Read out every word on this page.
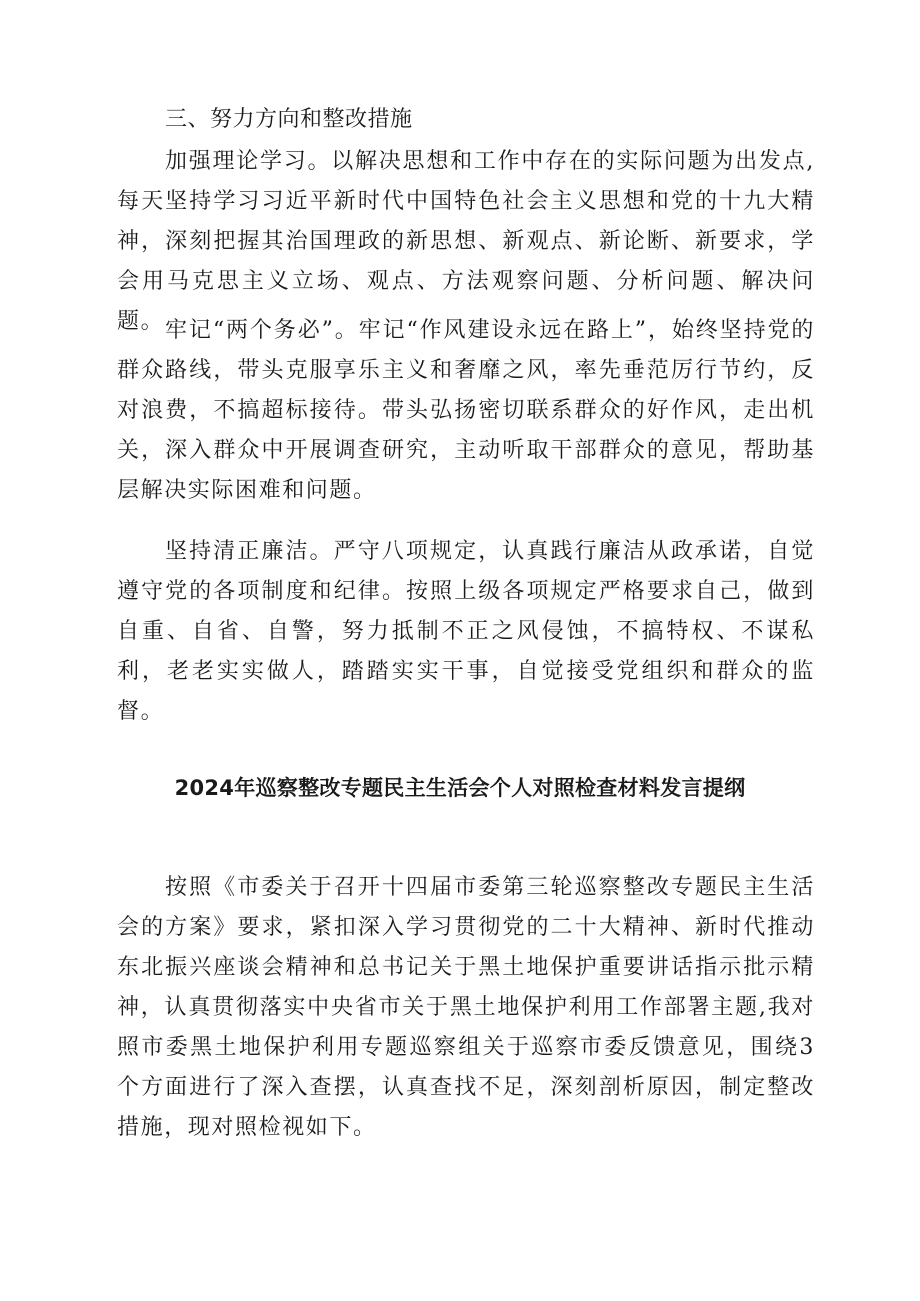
三、努力方向和整改措施

加强理论学习。以解决思想和工作中存在的实际问题为出发点,每天坚持学习习近平新时代中国特色社会主义思想和党的十九大精神，深刻把握其治国理政的新思想、新观点、新论断、新要求，学会用马克思主义立场、观点、方法观察问题、分析问题、解决问题。 牢记“两个务必”。牢记“作风建设永远在路上”，始终坚持党的群众路线，带头克服享乐主义和奢靡之风，率先垂范厉行节约，反对浪费，不搞超标接待。带头弘扬密切联系群众的好作风，走出机关，深入群众中开展调查研究，主动听取干部群众的意见，帮助基层解决实际困难和问题。

坚持清正廉洁。严守八项规定，认真践行廉洁从政承诺，自觉遵守党的各项制度和纪律。按照上级各项规定严格要求自己，做到自重、自省、自警，努力抵制不正之风侵蚀，不搞特权、不谋私利，老老实实做人，踏踏实实干事，自觉接受党组织和群众的监督。

2024年巡察整改专题民主生活会个人对照检查材料发言提纲

按照《市委关于召开十四届市委第三轮巡察整改专题民主生活会的方案》要求，紧扣深入学习贯彻党的二十大精神、新时代推动东北振兴座谈会精神和总书记关于黑土地保护重要讲话指示批示精神，认真贯彻落实中央省市关于黑土地保护利用工作部署主题,我对照市委黑土地保护利用专题巡察组关于巡察市委反馈意见，围绕3个方面进行了深入查摆，认真查找不足，深刻剖析原因，制定整改措施，现对照检视如下。
